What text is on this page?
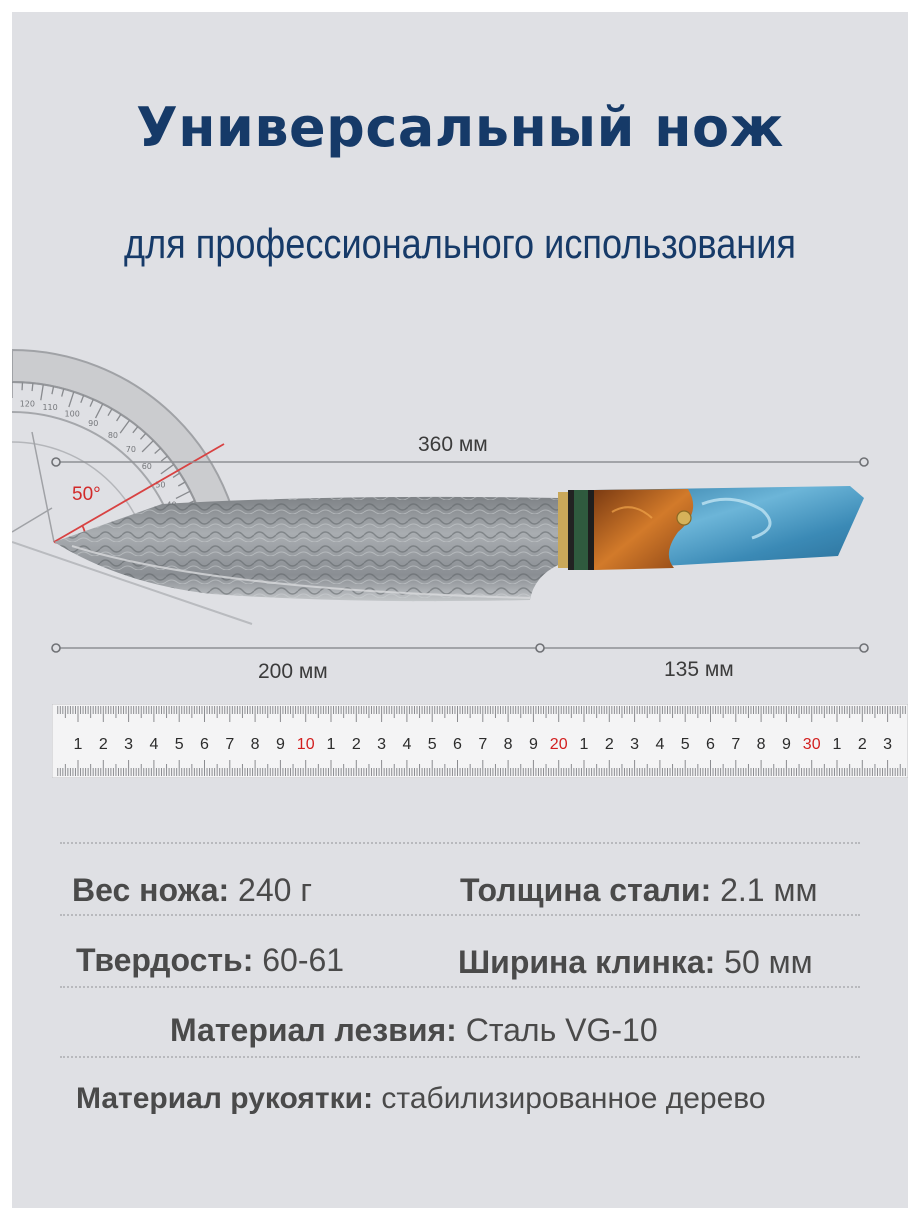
Универсальный нож
для профессионального использования
120 110
100
90
80
70
60
50
50°
360 мм
200 мм	135 мм
1 2 3 4 5 6 7 8 9 10 1 2 3 4 5 6 7 8 9 20 1 2 3 4 5 6 7 8 9 30 1 2 3
Вес ножа: 240 г	Толщина стали: 2.1 мм
Твердость: 60-61	Ширина клинка: 50 мм
Материал лезвия: Сталь VG-10
Материал рукоятки: стабилизированное дерево
